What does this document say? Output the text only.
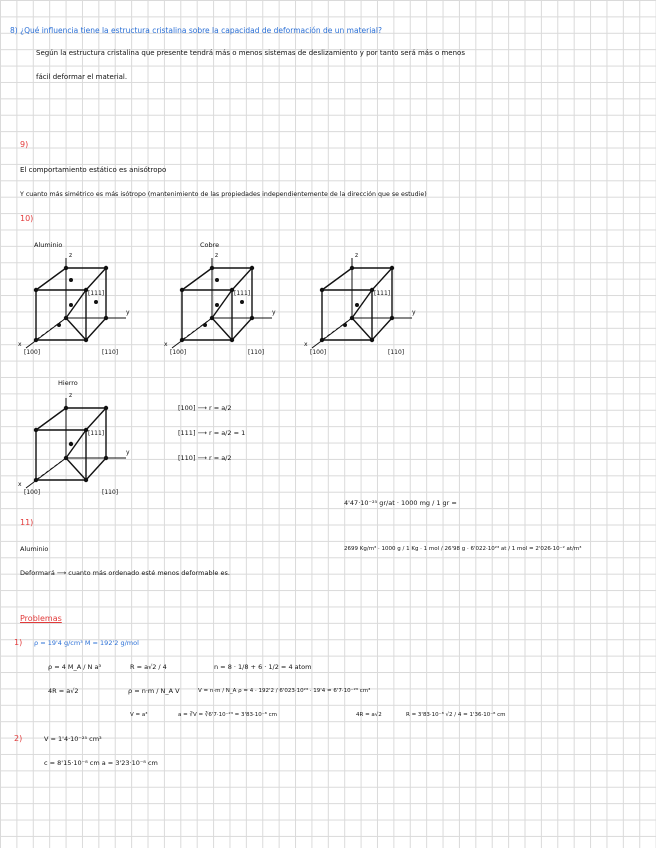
8) ¿Qué influencia tiene la estructura cristalina sobre la capacidad de deformación de un material?
Según la estructura cristalina que presente tendrá más o menos sistemas de deslizamiento y por tanto será más o menos
fácil deformar el material.
9)
El comportamiento estático es anisótropo
Y cuanto más simétrico es más isótropo (mantenimiento de las propiedades independientemente de la dirección que se estudie)
10)
Aluminio	Cobre
Hierro
z
y
x
[111]
[100]	[110]
z
y
x
[111]
[100]	[110]
z
y
x
[111]
[100]	[110]
z
y
x
[111]
[100]	[110]
[100] ⟶ r = a/2
[111] ⟶ r = a/2 = 1
[110] ⟶ r = a/2
4'47·10⁻²⁵ gr/at · 1000 mg / 1 gr =
11)
Aluminio	2699 Kg/m³ · 1000 g / 1 Kg · 1 mol / 26'98 g · 6'022·10²³ at / 1 mol = 2'026·10⁻² at/m³
Deformará ⟶ cuanto más ordenado esté menos deformable es.
Problemas
1) ρ = 19'4 g/cm³ M = 192'2 g/mol
ρ = 4 M_A / N a³	R = a√2 / 4	n = 8 · 1/8 + 6 · 1/2 = 4 atom
4R = a√2	ρ = n·m / N_A V	V = n·m / N_A ρ = 4 · 192'2 / 6'023·10²³ · 19'4 = 6'7·10⁻²³ cm³
V = a³	a = ∛V = ∛6'7·10⁻²³ = 3'83·10⁻⁸ cm	4R = a√2	R = 3'83·10⁻⁸ √2 / 4 = 1'36·10⁻⁸ cm
2)	V = 1'4·10⁻²⁵ cm³
c = 8'15·10⁻⁸ cm a = 3'23·10⁻⁸ cm
